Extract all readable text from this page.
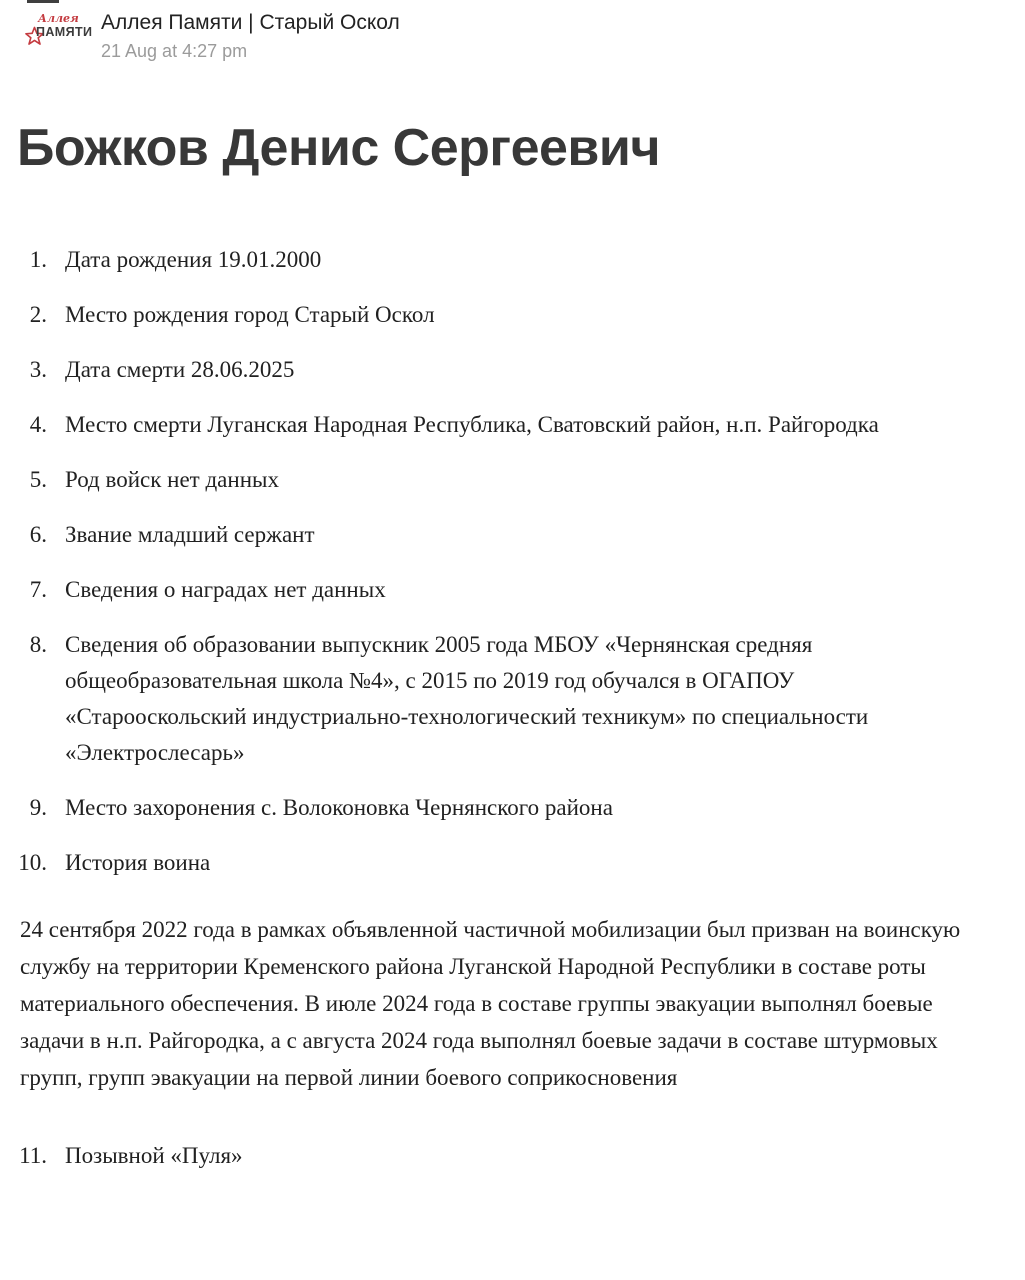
Аллея
ПАМЯТИ Аллея Памяти | Старый Оскол
21 Aug at 4:27 pm
Божков Денис Сергеевич
1. Дата рождения 19.01.2000
2. Место рождения город Старый Оскол
3. Дата смерти 28.06.2025
4. Место смерти Луганская Народная Республика, Сватовский район, н.п. Райгородка
5. Род войск нет данных
6. Звание младший сержант
7. Сведения о наградах нет данных
8. Сведения об образовании выпускник 2005 года МБОУ «Чернянская средняя общеобразовательная школа №4», с 2015 по 2019 год обучался в ОГАПОУ «Старооскольский индустриально-технологический техникум» по специальности «Электрослесарь»
9. Место захоронения с. Волоконовка Чернянского района
10. История воина

24 сентября 2022 года в рамках объявленной частичной мобилизации был призван на воинскую службу на территории Кременского района Луганской Народной Республики в составе роты материального обеспечения. В июле 2024 года в составе группы эвакуации выполнял боевые задачи в н.п. Райгородка, а с августа 2024 года выполнял боевые задачи в составе штурмовых групп, групп эвакуации на первой линии боевого соприкосновения

11. Позывной «Пуля»
